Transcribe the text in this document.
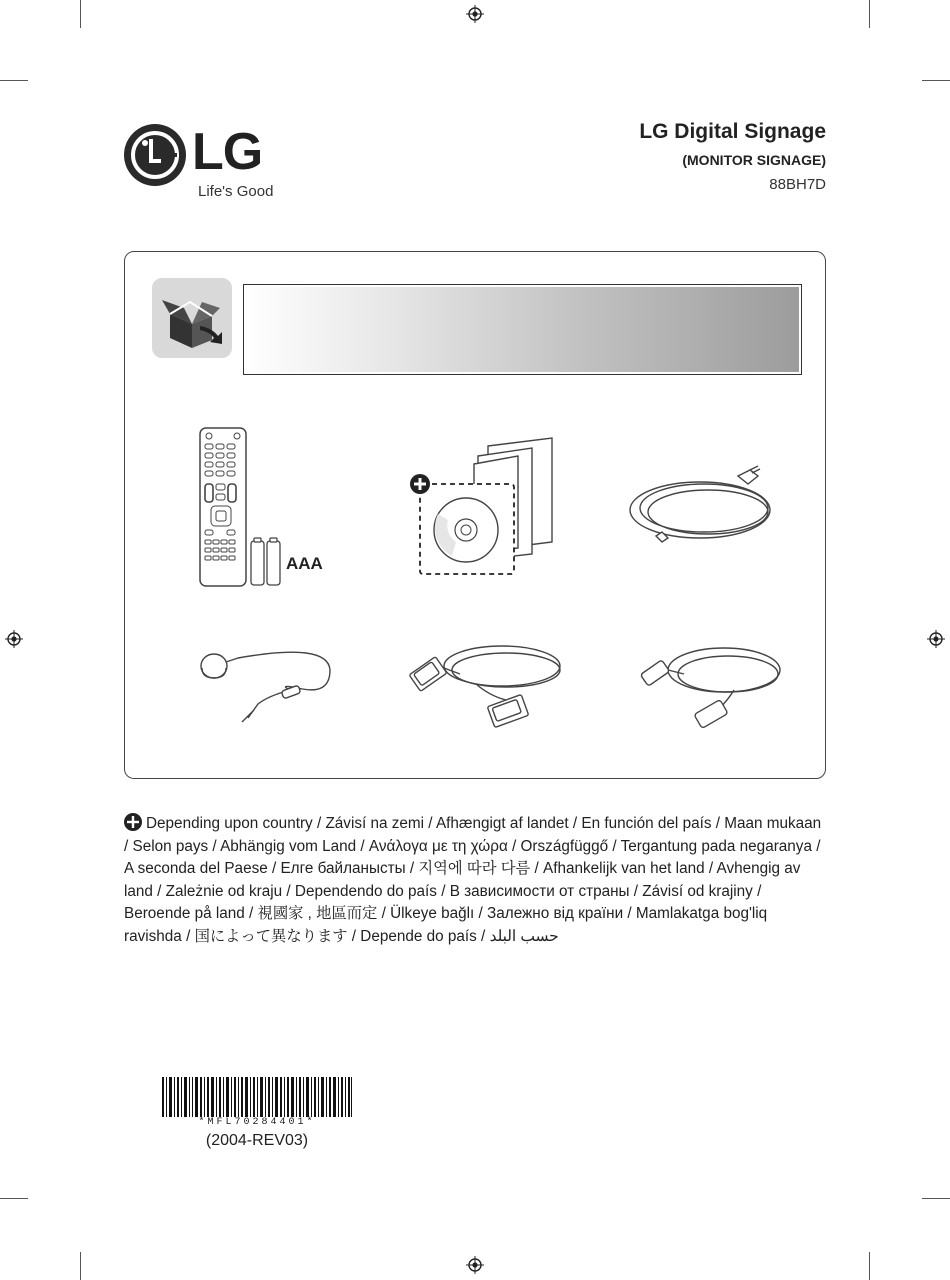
LG
Life's Good
LG Digital Signage
(MONITOR SIGNAGE)
88BH7D
AAA
Depending upon country / Závisí na zemi / Afhængigt af landet / En función del país / Maan mukaan / Selon pays / Abhängig vom Land / Ανάλογα με τη χώρα / Országfüggő / Tergantung pada negaranya / A seconda del Paese / Елге байланысты / 지역에 따라 다름 / Afhankelijk van het land / Avhengig av land / Zależnie od kraju / Dependendo do país / В зависимости от страны / Závisí od krajiny / Beroende på land / 視國家 , 地區而定 / Ülkeye bağlı / Залежно від країни / Mamlakatga bog'liq ravishda / 国によって異なります / Depende do país / حسب البلد
*MFL70284401*
(2004-REV03)
